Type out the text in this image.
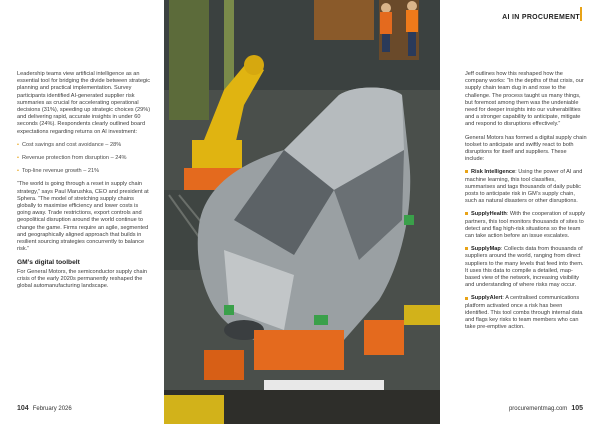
Leadership teams view artificial intelligence as an essential tool for bridging the divide between strategic planning and practical implementation. Survey participants identified AI-generated supplier risk summaries as crucial for accelerating operational decisions (31%), speeding up strategic choices (29%) and delivering rapid, accurate insights in under 60 seconds (24%). Respondents clearly outlined board expectations regarding returns on AI investment:

• Cost savings and cost avoidance – 28%

• Revenue protection from disruption – 24%

• Top-line revenue growth – 21%

“The world is going through a reset in supply chain strategy,” says Paul Marushka, CEO and president at Sphera. “The model of stretching supply chains globally to maximise efficiency and lower costs is going away. Trade restrictions, export controls and geopolitical disruption around the world continue to change the game. Firms require an agile, segmented and geographically aligned approach that builds in resilient sourcing strategies concurrently to balance risk.”

GM’s digital toolbelt

For General Motors, the semiconductor supply chain crisis of the early 2020s permanently reshaped the global automanufacturing landscape.

AI IN PROCUREMENT

Jeff outlines how this reshaped how the company works: “In the depths of that crisis, our supply chain team dug in and rose to the challenge. The process taught us many things, but foremost among them was the undeniable need for deeper insights into our vulnerabilities and a stronger capability to anticipate, mitigate and respond to disruptions effectively.”

General Motors has formed a digital supply chain toolset to anticipate and swiftly react to both disruptions for itself and suppliers. These include:

Risk Intelligence: Using the power of AI and machine learning, this tool classifies, summarises and tags thousands of daily public posts to anticipate risk in GM’s supply chain, such as natural disasters or other disruptions.

SupplyHealth: With the cooperation of supply partners, this tool monitors thousands of sites to detect and flag high-risk situations so the team can take action before an issue escalates.

SupplyMap: Collects data from thousands of suppliers around the world, ranging from direct suppliers to the many levels that feed into them. It uses this data to compile a detailed, map-based view of the network, increasing visibility and understanding of where risks may occur.

SupplyAlert: A centralised communications platform activated once a risk has been identified. This tool combs through internal data and flags key risks to team members who can take pre-emptive action.

104 February 2026	procurementmag.com 105
